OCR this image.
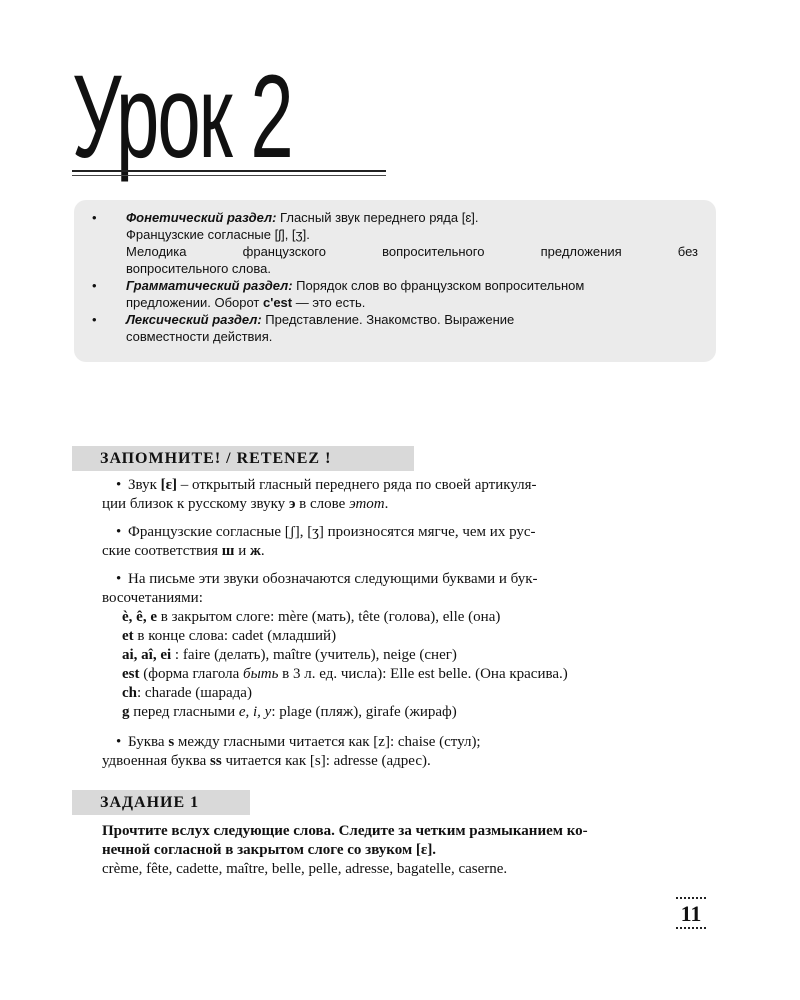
Урок 2
• Фонетический раздел: Гласный звук переднего ряда [ɛ].
Французские согласные [ʃ], [ʒ].
Мелодика французского вопросительного предложения без
вопросительного слова.
• Грамматический раздел: Порядок слов во французском вопросительном
предложении. Оборот c'est — это есть.
• Лексический раздел: Представление. Знакомство. Выражение
совместности действия.
ЗАПОМНИТЕ! / RETENEZ !
• Звук [ɛ] – открытый гласный переднего ряда по своей артикуля-
ции близок к русскому звуку э в слове этот.
• Французские согласные [ʃ], [ʒ] произносятся мягче, чем их рус-
ские соответствия ш и ж.
• На письме эти звуки обозначаются следующими буквами и бук-
восочетаниями:
è, ê, e в закрытом слоге: mère (мать), tête (голова), elle (она)
et в конце слова: cadet (младший)
ai, aî, ei : faire (делать), maître (учитель), neige (снег)
est (форма глагола быть в 3 л. ед. числа): Elle est belle. (Она красива.)
ch: charade (шарада)
g перед гласными e, i, y: plage (пляж), girafe (жираф)
• Буква s между гласными читается как [z]: chaise (стул);
удвоенная буква ss читается как [s]: adresse (адрес).
ЗАДАНИЕ 1
Прочтите вслух следующие слова. Следите за четким размыканием ко-
нечной согласной в закрытом слоге со звуком [ɛ].
crème, fête, cadette, maître, belle, pelle, adresse, bagatelle, caserne.
11
